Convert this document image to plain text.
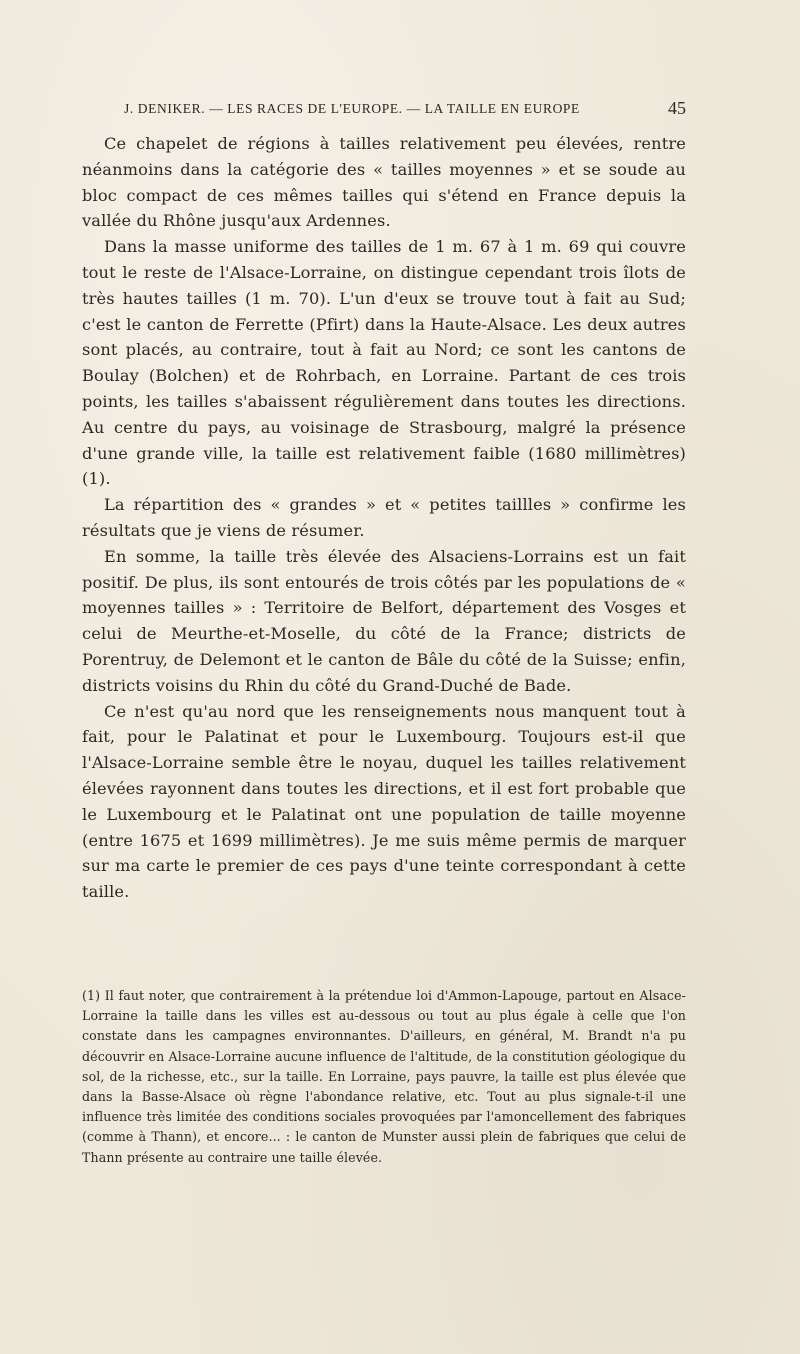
J. DENIKER. — LES RACES DE L'EUROPE. — LA TAILLE EN EUROPE	45

Ce chapelet de régions à tailles relativement peu élevées, rentre néanmoins dans la catégorie des « tailles moyennes » et se soude au bloc compact de ces mêmes tailles qui s'étend en France depuis la vallée du Rhône jusqu'aux Ardennes.

Dans la masse uniforme des tailles de 1 m. 67 à 1 m. 69 qui couvre tout le reste de l'Alsace-Lorraine, on distingue cependant trois îlots de très hautes tailles (1 m. 70). L'un d'eux se trouve tout à fait au Sud; c'est le canton de Ferrette (Pfirt) dans la Haute-Alsace. Les deux autres sont placés, au contraire, tout à fait au Nord; ce sont les cantons de Boulay (Bolchen) et de Rohrbach, en Lorraine. Partant de ces trois points, les tailles s'abaissent régulièrement dans toutes les directions. Au centre du pays, au voisinage de Strasbourg, malgré la présence d'une grande ville, la taille est relativement faible (1680 millimètres) (1).

La répartition des « grandes » et « petites taillles » confirme les résultats que je viens de résumer.

En somme, la taille très élevée des Alsaciens-Lorrains est un fait positif. De plus, ils sont entourés de trois côtés par les populations de « moyennes tailles » : Territoire de Belfort, département des Vosges et celui de Meurthe-et-Moselle, du côté de la France; districts de Porentruy, de Delemont et le canton de Bâle du côté de la Suisse; enfin, districts voisins du Rhin du côté du Grand-Duché de Bade.

Ce n'est qu'au nord que les renseignements nous manquent tout à fait, pour le Palatinat et pour le Luxembourg. Toujours est-il que l'Alsace-Lorraine semble être le noyau, duquel les tailles relativement élevées rayonnent dans toutes les directions, et il est fort probable que le Luxembourg et le Palatinat ont une population de taille moyenne (entre 1675 et 1699 millimètres). Je me suis même permis de marquer sur ma carte le premier de ces pays d'une teinte correspondant à cette taille.

(1) Il faut noter, que contrairement à la prétendue loi d'Ammon-Lapouge, partout en Alsace-Lorraine la taille dans les villes est au-dessous ou tout au plus égale à celle que l'on constate dans les campagnes environnantes. D'ailleurs, en général, M. Brandt n'a pu découvrir en Alsace-Lorraine aucune influence de l'altitude, de la constitution géologique du sol, de la richesse, etc., sur la taille. En Lorraine, pays pauvre, la taille est plus élevée que dans la Basse-Alsace où règne l'abondance relative, etc. Tout au plus signale-t-il une influence très limitée des conditions sociales provoquées par l'amoncellement des fabriques (comme à Thann), et encore... : le canton de Munster aussi plein de fabriques que celui de Thann présente au contraire une taille élevée.
